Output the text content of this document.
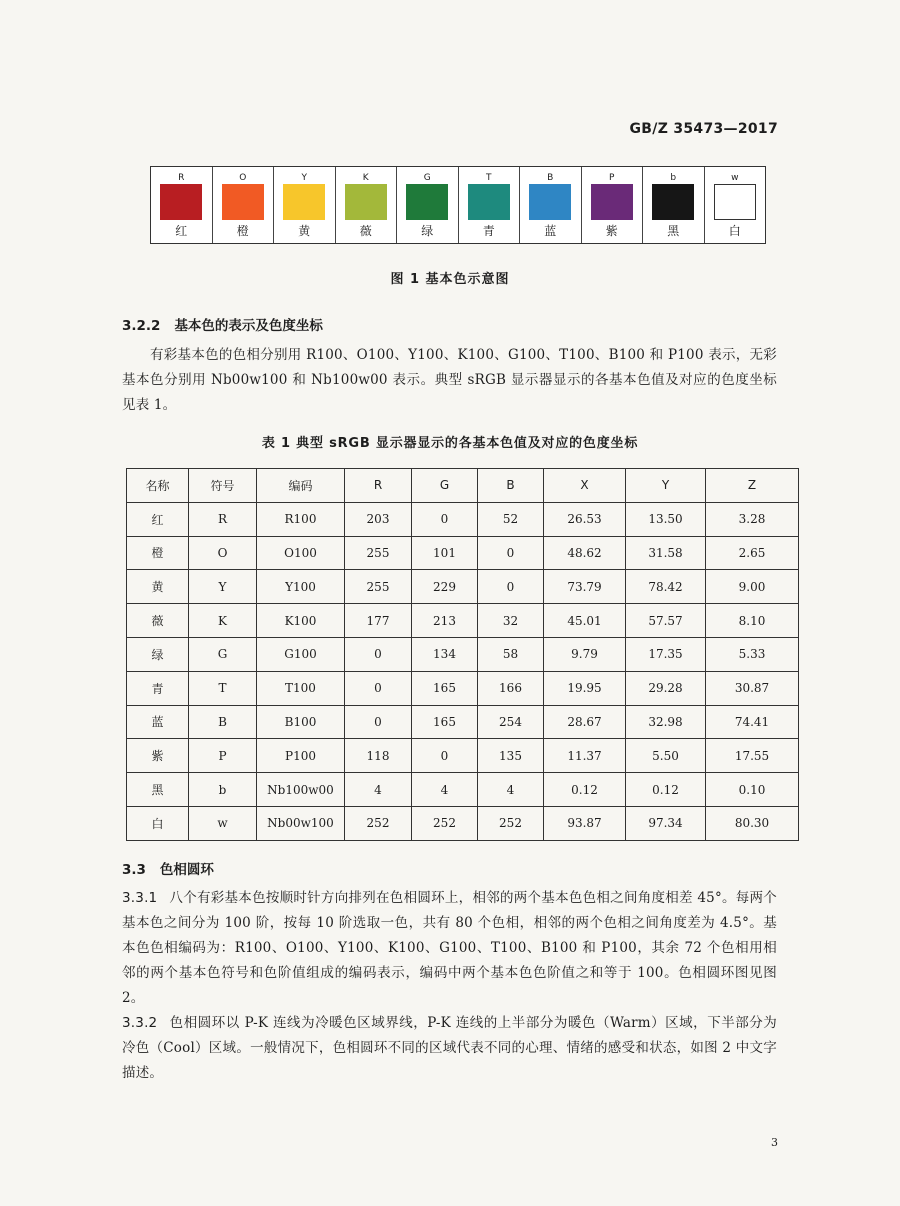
GB/Z 35473—2017
R
红
O
橙
Y
黄
K
薇
G
绿
T
青
B
蓝
P
紫
b
黑
w
白
图 1 基本色示意图
3.2.2 基本色的表示及色度坐标
有彩基本色的色相分别用 R100、O100、Y100、K100、G100、T100、B100 和 P100 表示，无彩基本色分别用 Nb00w100 和 Nb100w00 表示。典型 sRGB 显示器显示的各基本色值及对应的色度坐标见表 1。
表 1 典型 sRGB 显示器显示的各基本色值及对应的色度坐标
名称	符号	编码	R	G	B	X	Y	Z
红	R	R100	203	0	52	26.53	13.50	3.28
橙	O	O100	255	101	0	48.62	31.58	2.65
黄	Y	Y100	255	229	0	73.79	78.42	9.00
薇	K	K100	177	213	32	45.01	57.57	8.10
绿	G	G100	0	134	58	9.79	17.35	5.33
青	T	T100	0	165	166	19.95	29.28	30.87
蓝	B	B100	0	165	254	28.67	32.98	74.41
紫	P	P100	118	0	135	11.37	5.50	17.55
黑	b	Nb100w00	4	4	4	0.12	0.12	0.10
白	w	Nb00w100	252	252	252	93.87	97.34	80.30
3.3 色相圆环
3.3.1 八个有彩基本色按顺时针方向排列在色相圆环上，相邻的两个基本色色相之间角度相差 45°。每两个基本色之间分为 100 阶，按每 10 阶选取一色，共有 80 个色相，相邻的两个色相之间角度差为 4.5°。基本色色相编码为：R100、O100、Y100、K100、G100、T100、B100 和 P100，其余 72 个色相用相邻的两个基本色符号和色阶值组成的编码表示，编码中两个基本色色阶值之和等于 100。色相圆环图见图 2。
3.3.2 色相圆环以 P-K 连线为冷暖色区域界线，P-K 连线的上半部分为暖色（Warm）区域，下半部分为冷色（Cool）区域。一般情况下，色相圆环不同的区域代表不同的心理、情绪的感受和状态，如图 2 中文字描述。
3
